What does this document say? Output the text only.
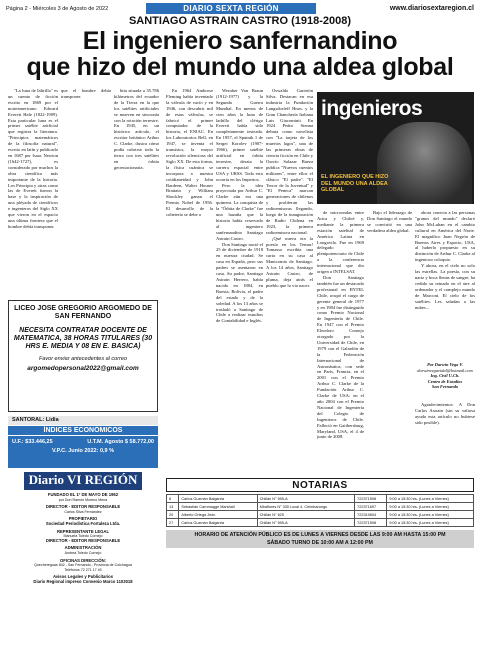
Página 2 - Miércoles 3 de Agosto de 2022	DIARIO SEXTA REGIÓN	www.diariosextaregion.cl
SANTIAGO ASTRAIN CASTRO (1918-2008)
El ingeniero sanfernandino
que hizo del mundo una aldea global

"La luna de Ialtrillo" es un cuento de ficción escrito en 1869 por el norteamericano Edward Everett Hale (1822-1909). Esta particular luna es el primer satélite artificial que registra la literatura. "Principios matemáticos de la filosofía natural", escrito en latín y publicado en 1687 por Isaac Newton (1642-1727), es considerado por muchos la obra científica más importante de la historia. Los Principia y otras como las de Everett fueron la base y la inspiración de una pléyada de científicos e ingenieros del Siglo XX que vieron en el espacio una última frontera que el hombre debía transponer.

que el hombre debía transponer.

bita situada a 35.786 kilómetros del ecuador de la Tierra en la que los satélites artificiales se mueven en sincronía con la rotación terrestre. En 1945, en un histórico artículo, el escritor británico Arthur C. Clarke, ilustra cómo podía cubrirse toda la tierra con tres satélites en órbita geoestacionaria.

En 1964 Ambrose Fleming había inventado la válvula de vacío y en 1946, con descubrir mil de estas válvulas, se fabricó el primer computador de la historia, el ENIAC. En los Laboratorios Bell, en 1947, se inventa el transistor, la mayor revolución silenciosa del Siglo XX. De esta forma, la física cuántica se incorpora a nuestra cotidianeidad y John Bardeen, Walter Houser Brattain y William Shockley ganan el Premio Nobel de 1956. El desarrollo de la cohetería se debe a

Wernher Von Braun (1912-1977) y la Segunda Guerra Mundial. En menos de cien años la luna de ladrillo del clérigo Everett había sido completamente testeada. En 1957, el Sputnik 1 de Sergei Korolev (1907-1966), primer satélite artificial en órbita terrestre, desata la carrera espacial entre USA y URSS. Todo esto ocurría en los Imperios.

Pero la idea proyectada por Arthur C. Clarke aún era una quimera. La conquista de la "Órbita de Clarke" fue una hazaña que la historia había reservado al ingeniero sanfernandino Santiago Astrain Castro.

Don Santiago nació el 25 de diciembre de 1918 en nuestra ciudad. Se casa en España, pero sus padres se asentaron en casa. Su padre, Santiago Astrain Herrero, había nacido en 1884, en Ruesta, Bolivia, el padre del estado y de la soledad. A los 13 años se trasladó a Santiago de Chile a realizar estudios de Contabilidad e Inglés.

Oswaldo Garretón Silva. Destacan en esa industria la Fundación Langsdorfeff Hnos. y la Gran Chanchería Italiana Luis Giacominii. En 1924 Pedro Sienna debuta como novelista con "La tarjeta de los muertos lagos", una de las primeras obras de ciencia ficción en Chile y Osorio Salazar Baeza publica "Nuevos cuentos militares", entre ellos el clásico "El padre". "El Terror de la Juventud" y "El Peneca" marcan generaciones de chilenos y proliferan las radioemisoras llegando, luego de la inauguración de Radio Chilena en 1923, la primera radioemisora nacional.

¡Qué nueva era la poesía en los Temas! Tomasso escribía una carta en su casa al Manicomio de Santiago. A los 14 años, Santiago Astrain Castro, de pluma, deja atrás el pueblo que lo vio nacer.

ingenieros
EL INGENIERO QUE HIZO DEL MUNDO UNA ALDEA GLOBAL

de microondas entre Arica y Chiloé y, mediante la primera estación satelital de América Latina en Longovilo. Fue en 1969 delegado plenipotenciario de Chile a la conferencia internacional que dio origen a INTELSAT.

Don Santiago también fue un destacado profesional en ENTEL Chile, ocupó el cargo de gerente general de 1977 y en 1984 fue distinguido como Premio Nacional de Ingeniería de Chile. En 1947 con el Premio Eleodoro Cornejo otorgado por la Universidad de Chile, en 1979 con el Galardón de la Federación Internacional de Astronáutica, con sede en París, Francia, en el 2001 con el Premio Arthur C. Clarke de la Fundación Arthur C. Clarke de USA; en el año 2004 con el Premio Nacional de Ingeniería del Colegio de Ingenieros de Chile. Falleció en Gaithersburg, Maryland, USA, el 4 de junio de 2008.

Bajo el liderazgo de Don Santiago el mundo se convirtió en una verdadera aldea global.

ahora conecta a las personas "granos del mundo" declaró John McLuhan en el cambio cultural en América del Norte. El magnífico Juan Negrón de Buenos Aires y Espacio, USA, al haberlo propuesto en su distinción de Arthur C. Clarke al ingenioso coloquio.

Y ahora, en el cielo no solo las estrellas. La poesía, con su nariz y boca llenas de sangre, ha cedido su reinado en el aire al ordenador y el complejo mundo de Marconi. El cielo de los satélites. Les saludan a las nubes...

Por Darwin Vega V.
darwinvegavidal@hotmail.com
Ing. Civil U.Ch.
Centro de Estudios
San Fernando

Agradecimientos: A Don Carlos Astrain (sin su valiosa ayuda esta artículo no hubiese sido posible).

LICEO JOSE GREGORIO ARGOMEDO DE SAN FERNANDO
NECESITA CONTRATAR DOCENTE DE MATEMATICA, 38 HORAS TITULARES (30 HRS E. MEDIA Y 08 EN E. BASICA)
Favor enviar antecedentes al correo
argomedopersonal2022@gmail.com
SANTORAL: Lidia
ÍNDICES ECONÓMICOS
U.F.: $33.446,25	U.T.M. Agosto $ 58.772,00
V.P.C. Junio 2022: 0,9 %
Diario VI REGIÓN
FUNDADO EL 1º DE MAYO DE 1952
por Don Ramón Moreno Mena
DIRECTOR - EDITOR RESPONSABLE
Carlos Silva Fernández
PROPIETARIO
Sociedad Periodística Fortaleza Ltda.
REPRESENTANTE LEGAL
Manuela Toledo Cornejo
DIRECTOR - EDITOR RESPONSABLE
ADMINISTRACIÓN
Andrea Toledo Cornejo
OFICINAS DIRECCIÓN:
Quechereguas 842 - San Fernando - Provincia de Colchagua
Teléfonos 72 271 17 45
Avisos Legales y Publicitarios
Diario Regional impreso Convenio Marco 1103018
NOTARIAS
8	Carlos Guzmán Balgarria	Chillán N° 595-A	722371598	9:00 a 15:30 hrs. (Lunes a Viernes)
13	Sebastián Carnmagge Marshall	Miraflores N° 330 Local 4. Chimbarongo	722371697	9:00 a 15:30 hrs. (Lunes a Viernes)
20	Alberto Ortega Jirón	Chillán N° 625	722319604	9:00 a 15:30 hrs. (Lunes a Viernes)
27	Carlos Guzmán Balgarria	Chillán N° 595-A	722371598	9:00 a 15:30 hrs. (Lunes a Viernes)
HORARIO DE ATENCIÓN PÚBLICO ES DE LUNES A VIERNES DESDE LAS 9:00 AM HASTA 15:00 PM
SÁBADO TURNO DE 10:00 AM A 12:00 PM
